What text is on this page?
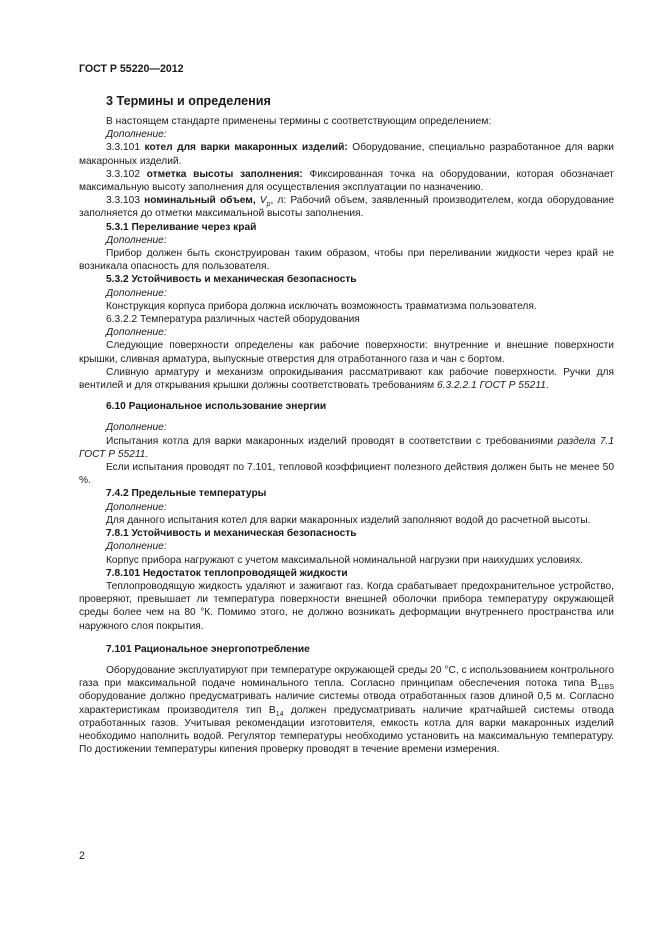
ГОСТ Р 55220—2012
3 Термины и определения

В настоящем стандарте применены термины с соответствующим определением:

Дополнение:

3.3.101 котел для варки макаронных изделий: Оборудование, специально разработанное для варки макаронных изделий.

3.3.102 отметка высоты заполнения: Фиксированная точка на оборудовании, которая обозначает максимальную высоту заполнения для осуществления эксплуатации по назначению.

3.3.103 номинальный объем, $V_р$, л: Рабочий объем, заявленный производителем, когда оборудование заполняется до отметки максимальной высоты заполнения.

5.3.1 Переливание через край

Дополнение:

Прибор должен быть сконструирован таким образом, чтобы при переливании жидкости через край не возникала опасность для пользователя.

5.3.2 Устойчивость и механическая безопасность

Дополнение:

Конструкция корпуса прибора должна исключать возможность травматизма пользователя.

6.3.2.2 Температура различных частей оборудования

Дополнение:

Следующие поверхности определены как рабочие поверхности: внутренние и внешние поверхности крышки, сливная арматура, выпускные отверстия для отработанного газа и чан с бортом.

Сливную арматуру и механизм опрокидывания рассматривают как рабочие поверхности. Ручки для вентилей и для открывания крышки должны соответствовать требованиям 6.3.2.2.1 ГОСТ Р 55211.

6.10 Рациональное использование энергии

Дополнение:

Испытания котла для варки макаронных изделий проводят в соответствии с требованиями раздела 7.1 ГОСТ Р 55211.

Если испытания проводят по 7.101, тепловой коэффициент полезного действия должен быть не менее 50 %.

7.4.2 Предельные температуры

Дополнение:

Для данного испытания котел для варки макаронных изделий заполняют водой до расчетной высоты.

7.8.1 Устойчивость и механическая безопасность

Дополнение:

Корпус прибора нагружают с учетом максимальной номинальной нагрузки при наихудших условиях.

7.8.101 Недостаток теплопроводящей жидкости

Теплопроводящую жидкость удаляют и зажигают газ. Когда срабатывает предохранительное устройство, проверяют, превышает ли температура поверхности внешней оболочки прибора температуру окружающей среды более чем на 80 °К. Помимо этого, не должно возникать деформации внутреннего пространства или наружного слоя покрытия.

7.101 Рациональное энергопотребление

Оборудование эксплуатируют при температуре окружающей среды 20 °С, с использованием контрольного газа при максимальной подаче номинального тепла. Согласно принципам обеспечения потока типа $В_{11BS}$ оборудование должно предусматривать наличие системы отвода отработанных газов длиной 0,5 м. Согласно характеристикам производителя тип $В_{14}$ должен предусматривать наличие кратчайшей системы отвода отработанных газов. Учитывая рекомендации изготовителя, емкость котла для варки макаронных изделий необходимо наполнить водой. Регулятор температуры необходимо установить на максимальную температуру. По достижении температуры кипения проверку проводят в течение времени измерения.

2
